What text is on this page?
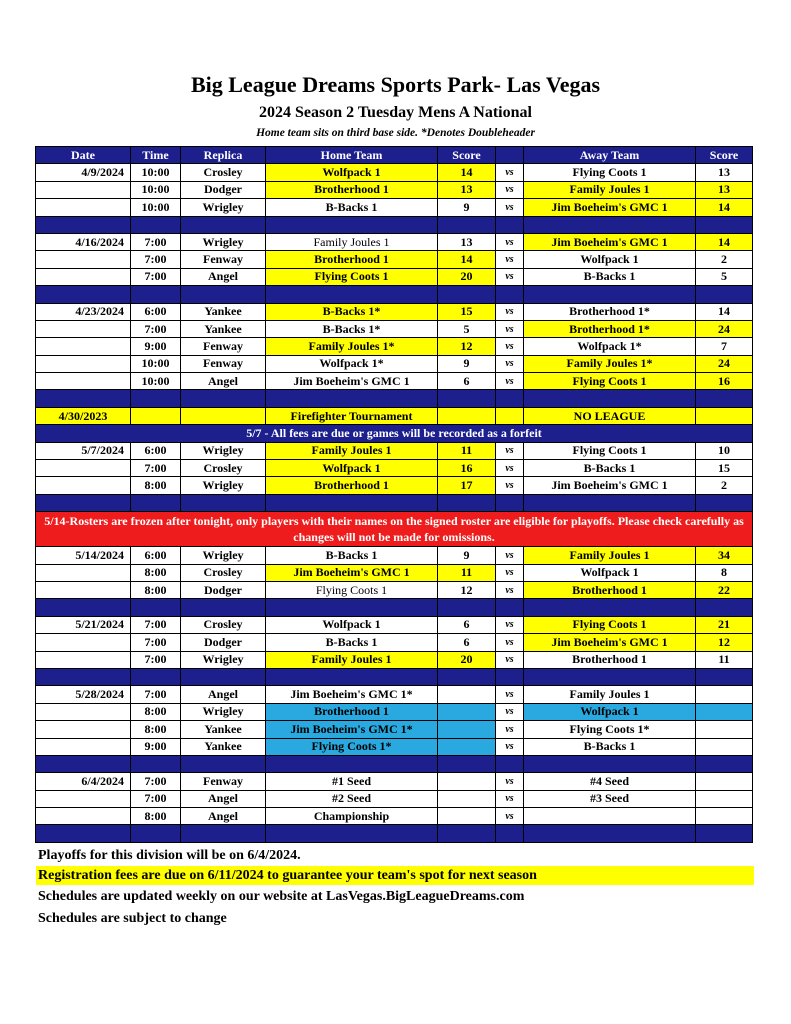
Big League Dreams Sports Park- Las Vegas
2024 Season 2 Tuesday Mens A National
Home team sits on third base side. *Denotes Doubleheader
Date	Time	Replica	Home Team	Score		Away Team	Score
4/9/2024	10:00	Crosley	Wolfpack 1	14	vs	Flying Coots 1	13
	10:00	Dodger	Brotherhood 1	13	vs	Family Joules 1	13
	10:00	Wrigley	B-Backs 1	9	vs	Jim Boeheim's GMC 1	14

4/16/2024	7:00	Wrigley	Family Joules 1	13	vs	Jim Boeheim's GMC 1	14
	7:00	Fenway	Brotherhood 1	14	vs	Wolfpack 1	2
	7:00	Angel	Flying Coots 1	20	vs	B-Backs 1	5

4/23/2024	6:00	Yankee	B-Backs 1*	15	vs	Brotherhood 1*	14
	7:00	Yankee	B-Backs 1*	5	vs	Brotherhood 1*	24
	9:00	Fenway	Family Joules 1*	12	vs	Wolfpack 1*	7
	10:00	Fenway	Wolfpack 1*	9	vs	Family Joules 1*	24
	10:00	Angel	Jim Boeheim's GMC 1	6	vs	Flying Coots 1	16

4/30/2023			Firefighter Tournament			NO LEAGUE	
5/7 - All fees are due or games will be recorded as a forfeit							
5/7/2024	6:00	Wrigley	Family Joules 1	11	vs	Flying Coots 1	10
	7:00	Crosley	Wolfpack 1	16	vs	B-Backs 1	15
	8:00	Wrigley	Brotherhood 1	17	vs	Jim Boeheim's GMC 1	2

5/14-Rosters are frozen after tonight, only players with their names on the signed roster are eligible for playoffs. Please check carefully as changes will not be made for omissions.							
5/14/2024	6:00	Wrigley	B-Backs 1	9	vs	Family Joules 1	34
	8:00	Crosley	Jim Boeheim's GMC 1	11	vs	Wolfpack 1	8
	8:00	Dodger	Flying Coots 1	12	vs	Brotherhood 1	22

5/21/2024	7:00	Crosley	Wolfpack 1	6	vs	Flying Coots 1	21
	7:00	Dodger	B-Backs 1	6	vs	Jim Boeheim's GMC 1	12
	7:00	Wrigley	Family Joules 1	20	vs	Brotherhood 1	11

5/28/2024	7:00	Angel	Jim Boeheim's GMC 1*		vs	Family Joules 1	
	8:00	Wrigley	Brotherhood 1		vs	Wolfpack 1	
	8:00	Yankee	Jim Boeheim's GMC 1*		vs	Flying Coots 1*	
	9:00	Yankee	Flying Coots 1*		vs	B-Backs 1	

6/4/2024	7:00	Fenway	#1 Seed		vs	#4 Seed	
	7:00	Angel	#2 Seed		vs	#3 Seed	
	8:00	Angel	Championship		vs		

Playoffs for this division will be on 6/4/2024.
Registration fees are due on 6/11/2024 to guarantee your team's spot for next season
Schedules are updated weekly on our website at LasVegas.BigLeagueDreams.com
Schedules are subject to change
